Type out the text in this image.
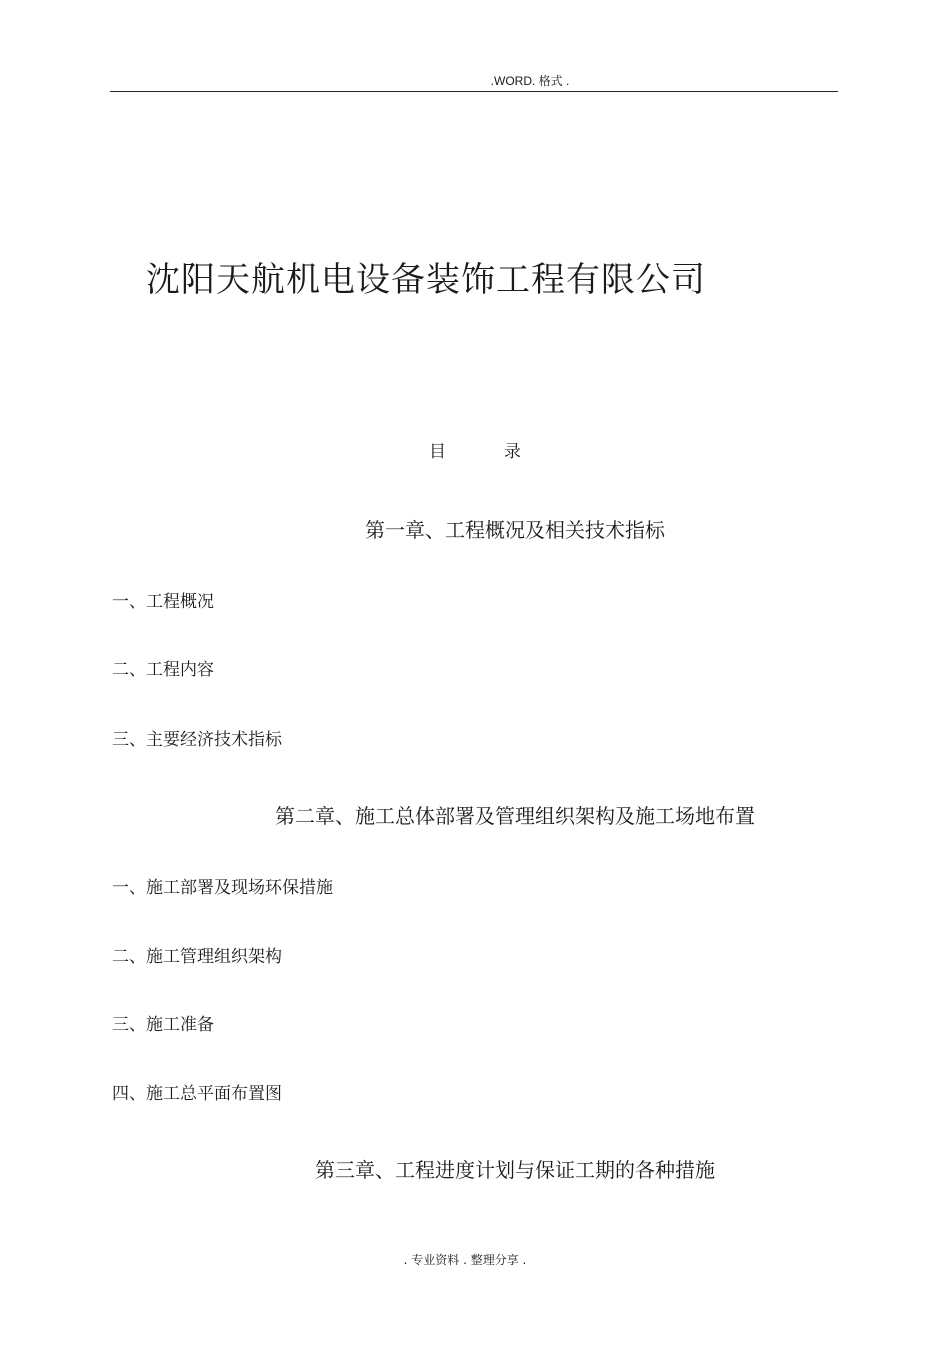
.WORD. 格式 .
沈阳天航机电设备装饰工程有限公司
目	录
第一章、工程概况及相关技术指标
一、工程概况
二、工程内容
三、主要经济技术指标
第二章、施工总体部署及管理组织架构及施工场地布置
一、施工部署及现场环保措施
二、施工管理组织架构
三、施工准备
四、施工总平面布置图
第三章、工程进度计划与保证工期的各种措施
. 专业资料 . 整理分享 .
